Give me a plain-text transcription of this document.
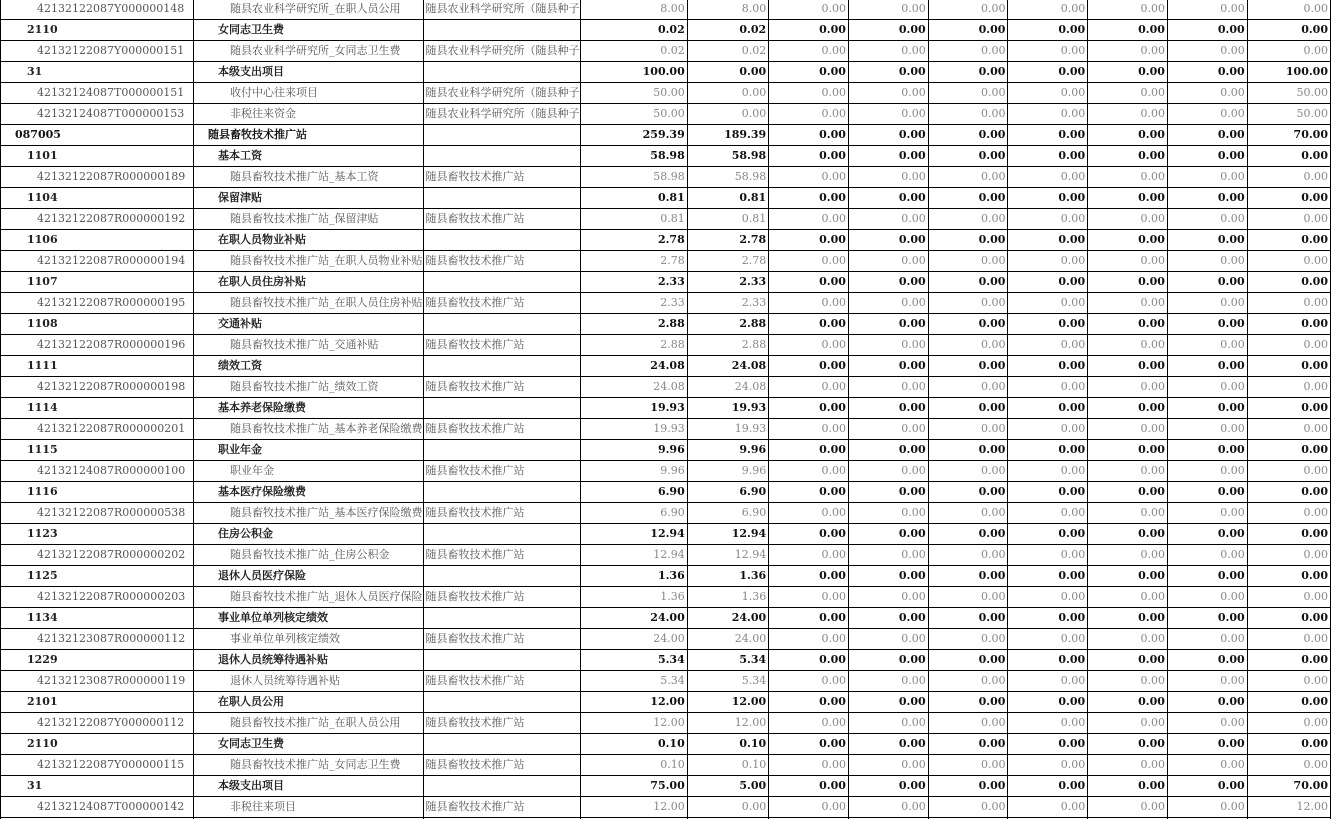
42132122087Y000000148	随县农业科学研究所_在职人员公用	随县农业科学研究所（随县种子	8.00	8.00	0.00	0.00	0.00	0.00	0.00	0.00	0.00
2110	女同志卫生费		0.02	0.02	0.00	0.00	0.00	0.00	0.00	0.00	0.00
42132122087Y000000151	随县农业科学研究所_女同志卫生费	随县农业科学研究所（随县种子	0.02	0.02	0.00	0.00	0.00	0.00	0.00	0.00	0.00
31	本级支出项目		100.00	0.00	0.00	0.00	0.00	0.00	0.00	0.00	100.00
42132124087T000000151	收付中心往来项目	随县农业科学研究所（随县种子	50.00	0.00	0.00	0.00	0.00	0.00	0.00	0.00	50.00
42132124087T000000153	非税往来资金	随县农业科学研究所（随县种子	50.00	0.00	0.00	0.00	0.00	0.00	0.00	0.00	50.00
087005	随县畜牧技术推广站		259.39	189.39	0.00	0.00	0.00	0.00	0.00	0.00	70.00
1101	基本工资		58.98	58.98	0.00	0.00	0.00	0.00	0.00	0.00	0.00
42132122087R000000189	随县畜牧技术推广站_基本工资	随县畜牧技术推广站	58.98	58.98	0.00	0.00	0.00	0.00	0.00	0.00	0.00
1104	保留津贴		0.81	0.81	0.00	0.00	0.00	0.00	0.00	0.00	0.00
42132122087R000000192	随县畜牧技术推广站_保留津贴	随县畜牧技术推广站	0.81	0.81	0.00	0.00	0.00	0.00	0.00	0.00	0.00
1106	在职人员物业补贴		2.78	2.78	0.00	0.00	0.00	0.00	0.00	0.00	0.00
42132122087R000000194	随县畜牧技术推广站_在职人员物业补贴	随县畜牧技术推广站	2.78	2.78	0.00	0.00	0.00	0.00	0.00	0.00	0.00
1107	在职人员住房补贴		2.33	2.33	0.00	0.00	0.00	0.00	0.00	0.00	0.00
42132122087R000000195	随县畜牧技术推广站_在职人员住房补贴	随县畜牧技术推广站	2.33	2.33	0.00	0.00	0.00	0.00	0.00	0.00	0.00
1108	交通补贴		2.88	2.88	0.00	0.00	0.00	0.00	0.00	0.00	0.00
42132122087R000000196	随县畜牧技术推广站_交通补贴	随县畜牧技术推广站	2.88	2.88	0.00	0.00	0.00	0.00	0.00	0.00	0.00
1111	绩效工资		24.08	24.08	0.00	0.00	0.00	0.00	0.00	0.00	0.00
42132122087R000000198	随县畜牧技术推广站_绩效工资	随县畜牧技术推广站	24.08	24.08	0.00	0.00	0.00	0.00	0.00	0.00	0.00
1114	基本养老保险缴费		19.93	19.93	0.00	0.00	0.00	0.00	0.00	0.00	0.00
42132122087R000000201	随县畜牧技术推广站_基本养老保险缴费	随县畜牧技术推广站	19.93	19.93	0.00	0.00	0.00	0.00	0.00	0.00	0.00
1115	职业年金		9.96	9.96	0.00	0.00	0.00	0.00	0.00	0.00	0.00
42132124087R000000100	职业年金	随县畜牧技术推广站	9.96	9.96	0.00	0.00	0.00	0.00	0.00	0.00	0.00
1116	基本医疗保险缴费		6.90	6.90	0.00	0.00	0.00	0.00	0.00	0.00	0.00
42132122087R000000538	随县畜牧技术推广站_基本医疗保险缴费	随县畜牧技术推广站	6.90	6.90	0.00	0.00	0.00	0.00	0.00	0.00	0.00
1123	住房公积金		12.94	12.94	0.00	0.00	0.00	0.00	0.00	0.00	0.00
42132122087R000000202	随县畜牧技术推广站_住房公积金	随县畜牧技术推广站	12.94	12.94	0.00	0.00	0.00	0.00	0.00	0.00	0.00
1125	退休人员医疗保险		1.36	1.36	0.00	0.00	0.00	0.00	0.00	0.00	0.00
42132122087R000000203	随县畜牧技术推广站_退休人员医疗保险	随县畜牧技术推广站	1.36	1.36	0.00	0.00	0.00	0.00	0.00	0.00	0.00
1134	事业单位单列核定绩效		24.00	24.00	0.00	0.00	0.00	0.00	0.00	0.00	0.00
42132123087R000000112	事业单位单列核定绩效	随县畜牧技术推广站	24.00	24.00	0.00	0.00	0.00	0.00	0.00	0.00	0.00
1229	退休人员统筹待遇补贴		5.34	5.34	0.00	0.00	0.00	0.00	0.00	0.00	0.00
42132123087R000000119	退休人员统筹待遇补贴	随县畜牧技术推广站	5.34	5.34	0.00	0.00	0.00	0.00	0.00	0.00	0.00
2101	在职人员公用		12.00	12.00	0.00	0.00	0.00	0.00	0.00	0.00	0.00
42132122087Y000000112	随县畜牧技术推广站_在职人员公用	随县畜牧技术推广站	12.00	12.00	0.00	0.00	0.00	0.00	0.00	0.00	0.00
2110	女同志卫生费		0.10	0.10	0.00	0.00	0.00	0.00	0.00	0.00	0.00
42132122087Y000000115	随县畜牧技术推广站_女同志卫生费	随县畜牧技术推广站	0.10	0.10	0.00	0.00	0.00	0.00	0.00	0.00	0.00
31	本级支出项目		75.00	5.00	0.00	0.00	0.00	0.00	0.00	0.00	70.00
42132124087T000000142	非税往来项目	随县畜牧技术推广站	12.00	0.00	0.00	0.00	0.00	0.00	0.00	0.00	12.00
